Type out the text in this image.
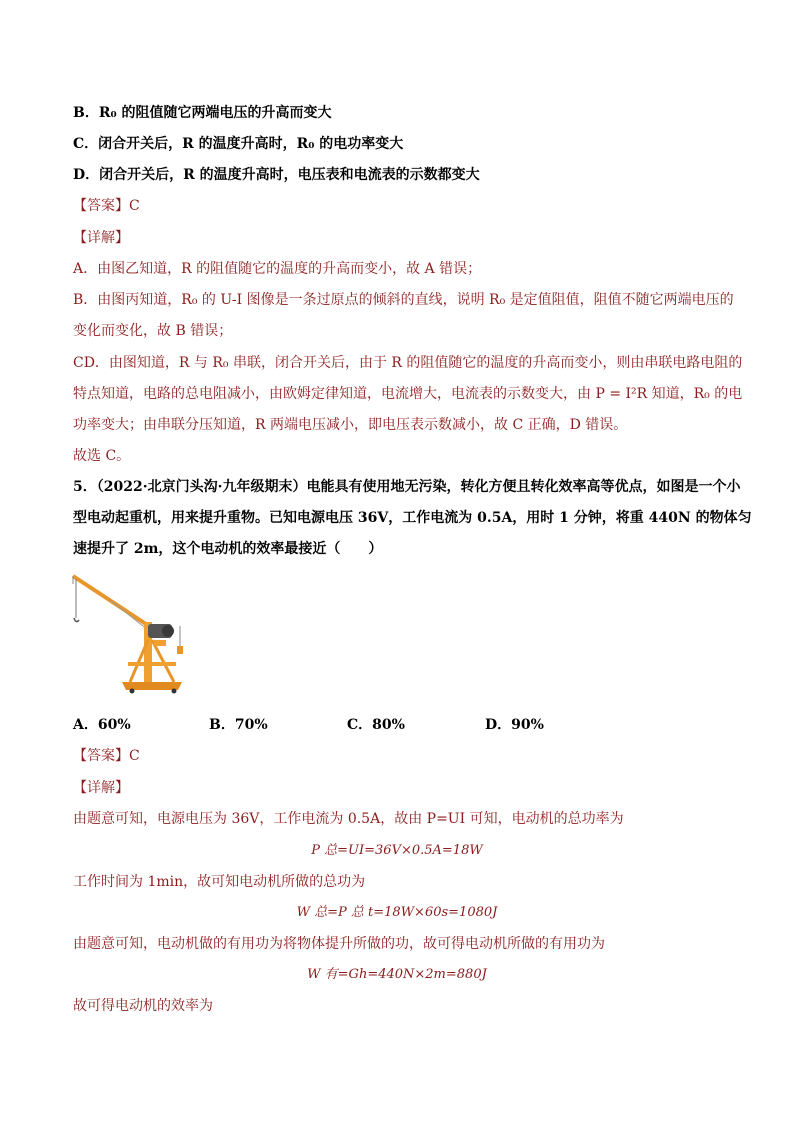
B．R₀ 的阻值随它两端电压的升高而变大
C．闭合开关后，R 的温度升高时，R₀ 的电功率变大
D．闭合开关后，R 的温度升高时，电压表和电流表的示数都变大
【答案】C
【详解】
A．由图乙知道，R 的阻值随它的温度的升高而变小，故 A 错误；
B．由图丙知道，R₀ 的 U-I 图像是一条过原点的倾斜的直线，说明 R₀ 是定值阻值，阻值不随它两端电压的
变化而变化，故 B 错误；
CD．由图知道，R 与 R₀ 串联，闭合开关后，由于 R 的阻值随它的温度的升高而变小，则由串联电路电阻的
特点知道，电路的总电阻减小，由欧姆定律知道，电流增大，电流表的示数变大，由 P = I²R 知道，R₀ 的电
功率变大；由串联分压知道，R 两端电压减小，即电压表示数减小，故 C 正确，D 错误。
故选 C。
5．（2022·北京门头沟·九年级期末）电能具有使用地无污染，转化方便且转化效率高等优点，如图是一个小
型电动起重机，用来提升重物。已知电源电压 36V，工作电流为 0.5A，用时 1 分钟，将重 440N 的物体匀
速提升了 2m，这个电动机的效率最接近（　　）
A．60%	B．70%	C．80%	D．90%
【答案】C
【详解】
由题意可知，电源电压为 36V，工作电流为 0.5A，故由 P=UI 可知，电动机的总功率为
P 总=UI=36V×0.5A=18W
工作时间为 1min，故可知电动机所做的总功为
W 总=P 总 t=18W×60s=1080J
由题意可知，电动机做的有用功为将物体提升所做的功，故可得电动机所做的有用功为
W 有=Gh=440N×2m=880J
故可得电动机的效率为
